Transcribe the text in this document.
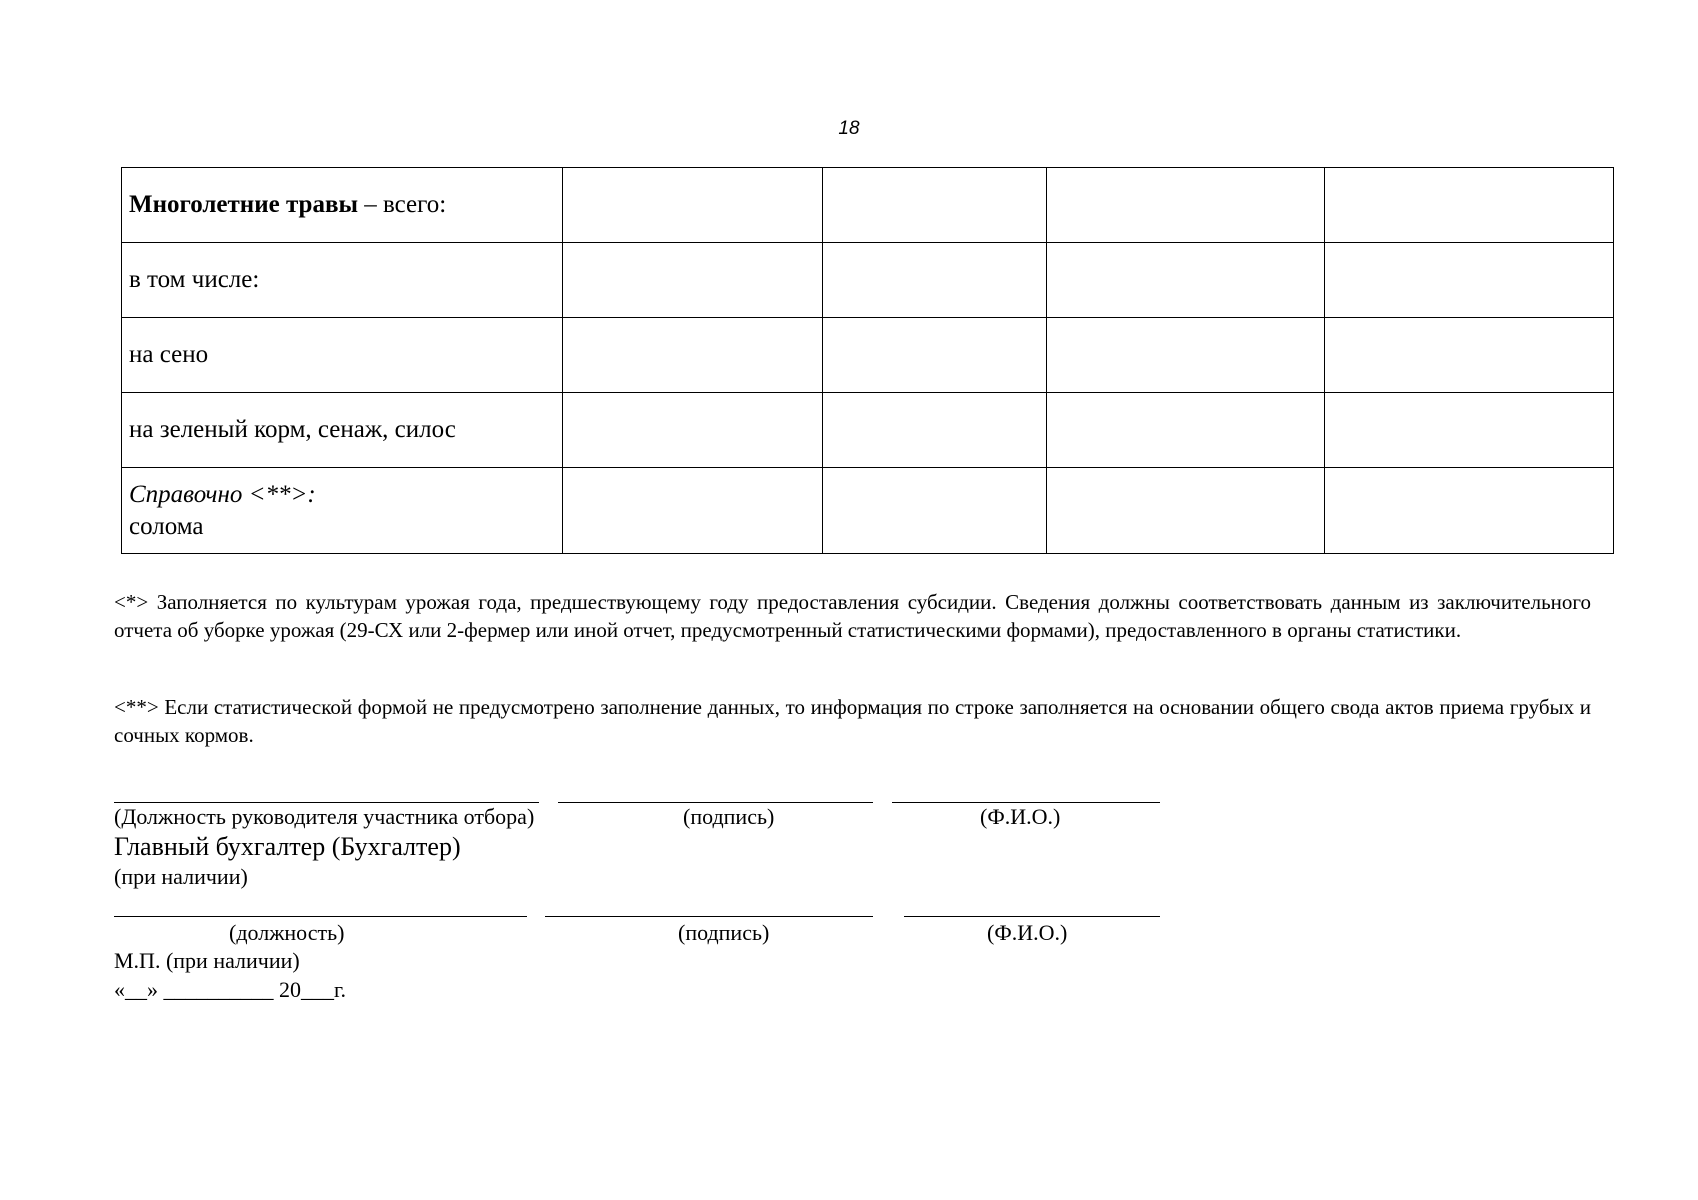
18
Многолетние травы – всего:				
в том числе:				
на сено				
на зеленый корм, сенаж, силос				
Справочно <**>:
солома				

<*> Заполняется по культурам урожая года, предшествующему году предоставления субсидии. Сведения должны соответствовать данным из заключительного отчета об уборке урожая (29-СХ или 2-фермер или иной отчет, предусмотренный статистическими формами), предоставленного в органы статистики.

<**> Если статистической формой не предусмотрено заполнение данных, то информация по строке заполняется на основании общего свода актов приема грубых и сочных кормов.

(Должность руководителя участника отбора)	(подпись)	(Ф.И.О.)
Главный бухгалтер (Бухгалтер)
(при наличии)
(должность)	(подпись)	(Ф.И.О.)
М.П. (при наличии)
«__» __________ 20___г.
